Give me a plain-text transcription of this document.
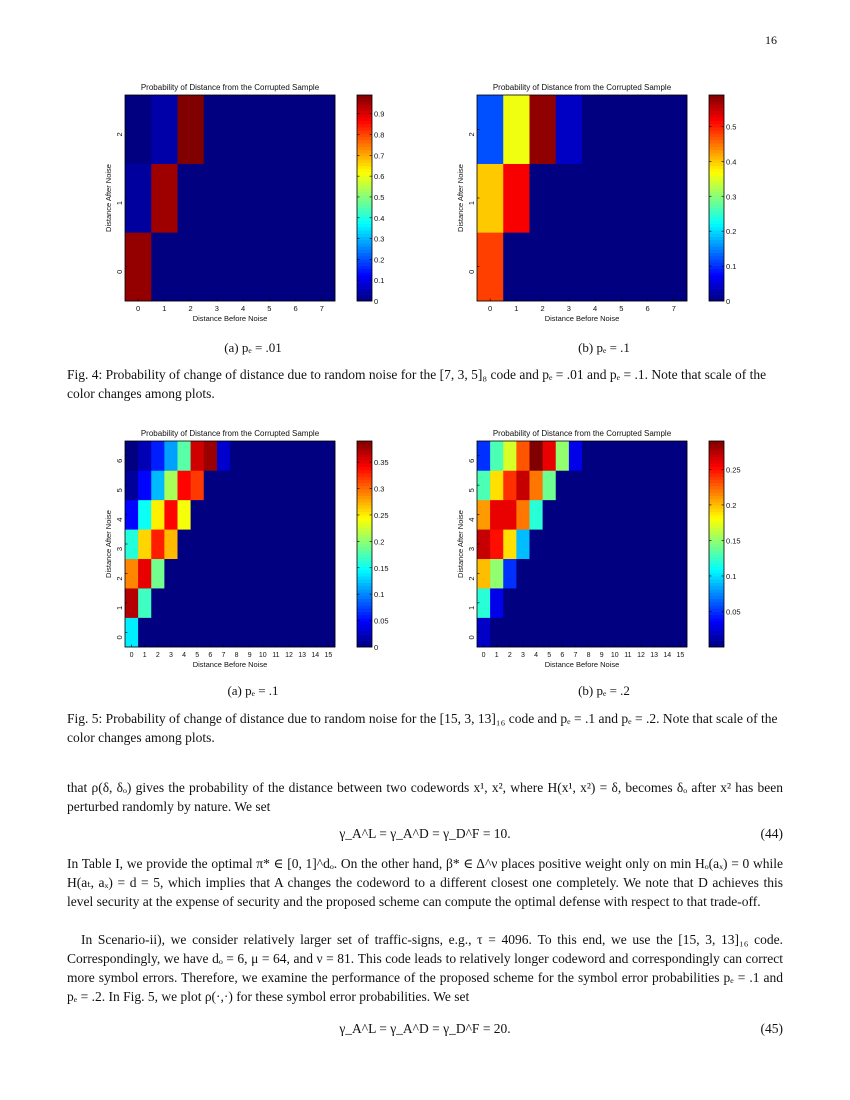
16
Probability of Distance from the Corrupted Sample
0	1	2	3	4	5	6	7
0
1
2
Distance Before Noise
Distance After Noise
0
0.1
0.2
0.3
0.4
0.5
0.6
0.7
0.8
0.9
Probability of Distance from the Corrupted Sample
0	1	2	3	4	5	6	7
0
1
2
Distance Before Noise
Distance After Noise
0
0.1
0.2
0.3
0.4
0.5
(a) pₑ = .01	(b) pₑ = .1
Fig. 4: Probability of change of distance due to random noise for the [7, 3, 5]₈ code and pₑ = .01 and pₑ = .1. Note that scale of the color changes among plots.
Probability of Distance from the Corrupted Sample
0 1 2 3 4 5 6 7 8 9 10 11 12 13 14 15
0
1
2
3
4
5
6
Distance Before Noise
Distance After Noise
0
0.05
0.1
0.15
0.2
0.25
0.3
0.35
Probability of Distance from the Corrupted Sample
0 1 2 3 4 5 6 7 8 9 10 11 12 13 14 15
0
1
2
3
4
5
6
Distance Before Noise
Distance After Noise
0.05
0.1
0.15
0.2
0.25
(a) pₑ = .1	(b) pₑ = .2
Fig. 5: Probability of change of distance due to random noise for the [15, 3, 13]₁₆ code and pₑ = .1 and pₑ = .2. Note that scale of the color changes among plots.
that ρ(δ, δₒ) gives the probability of the distance between two codewords x¹, x², where H(x¹, x²) = δ, becomes δₒ after x² has been perturbed randomly by nature. We set
γ_A^L = γ_A^D = γ_D^F = 10.	(44)
In Table I, we provide the optimal π* ∈ [0, 1]^dₒ. On the other hand, β* ∈ Δ^ν places positive weight only on min Hₒ(aₓ) = 0 while H(aₜ, aₓ) = d = 5, which implies that A changes the codeword to a different closest one completely. We note that D achieves this level security at the expense of security and the proposed scheme can compute the optimal defense with respect to that trade-off.
In Scenario-ii), we consider relatively larger set of traffic-signs, e.g., τ = 4096. To this end, we use the [15, 3, 13]₁₆ code. Correspondingly, we have dₒ = 6, μ = 64, and ν = 81. This code leads to relatively longer codeword and correspondingly can correct more symbol errors. Therefore, we examine the performance of the proposed scheme for the symbol error probabilities pₑ = .1 and pₑ = .2. In Fig. 5, we plot ρ(·,·) for these symbol error probabilities. We set
γ_A^L = γ_A^D = γ_D^F = 20.	(45)
